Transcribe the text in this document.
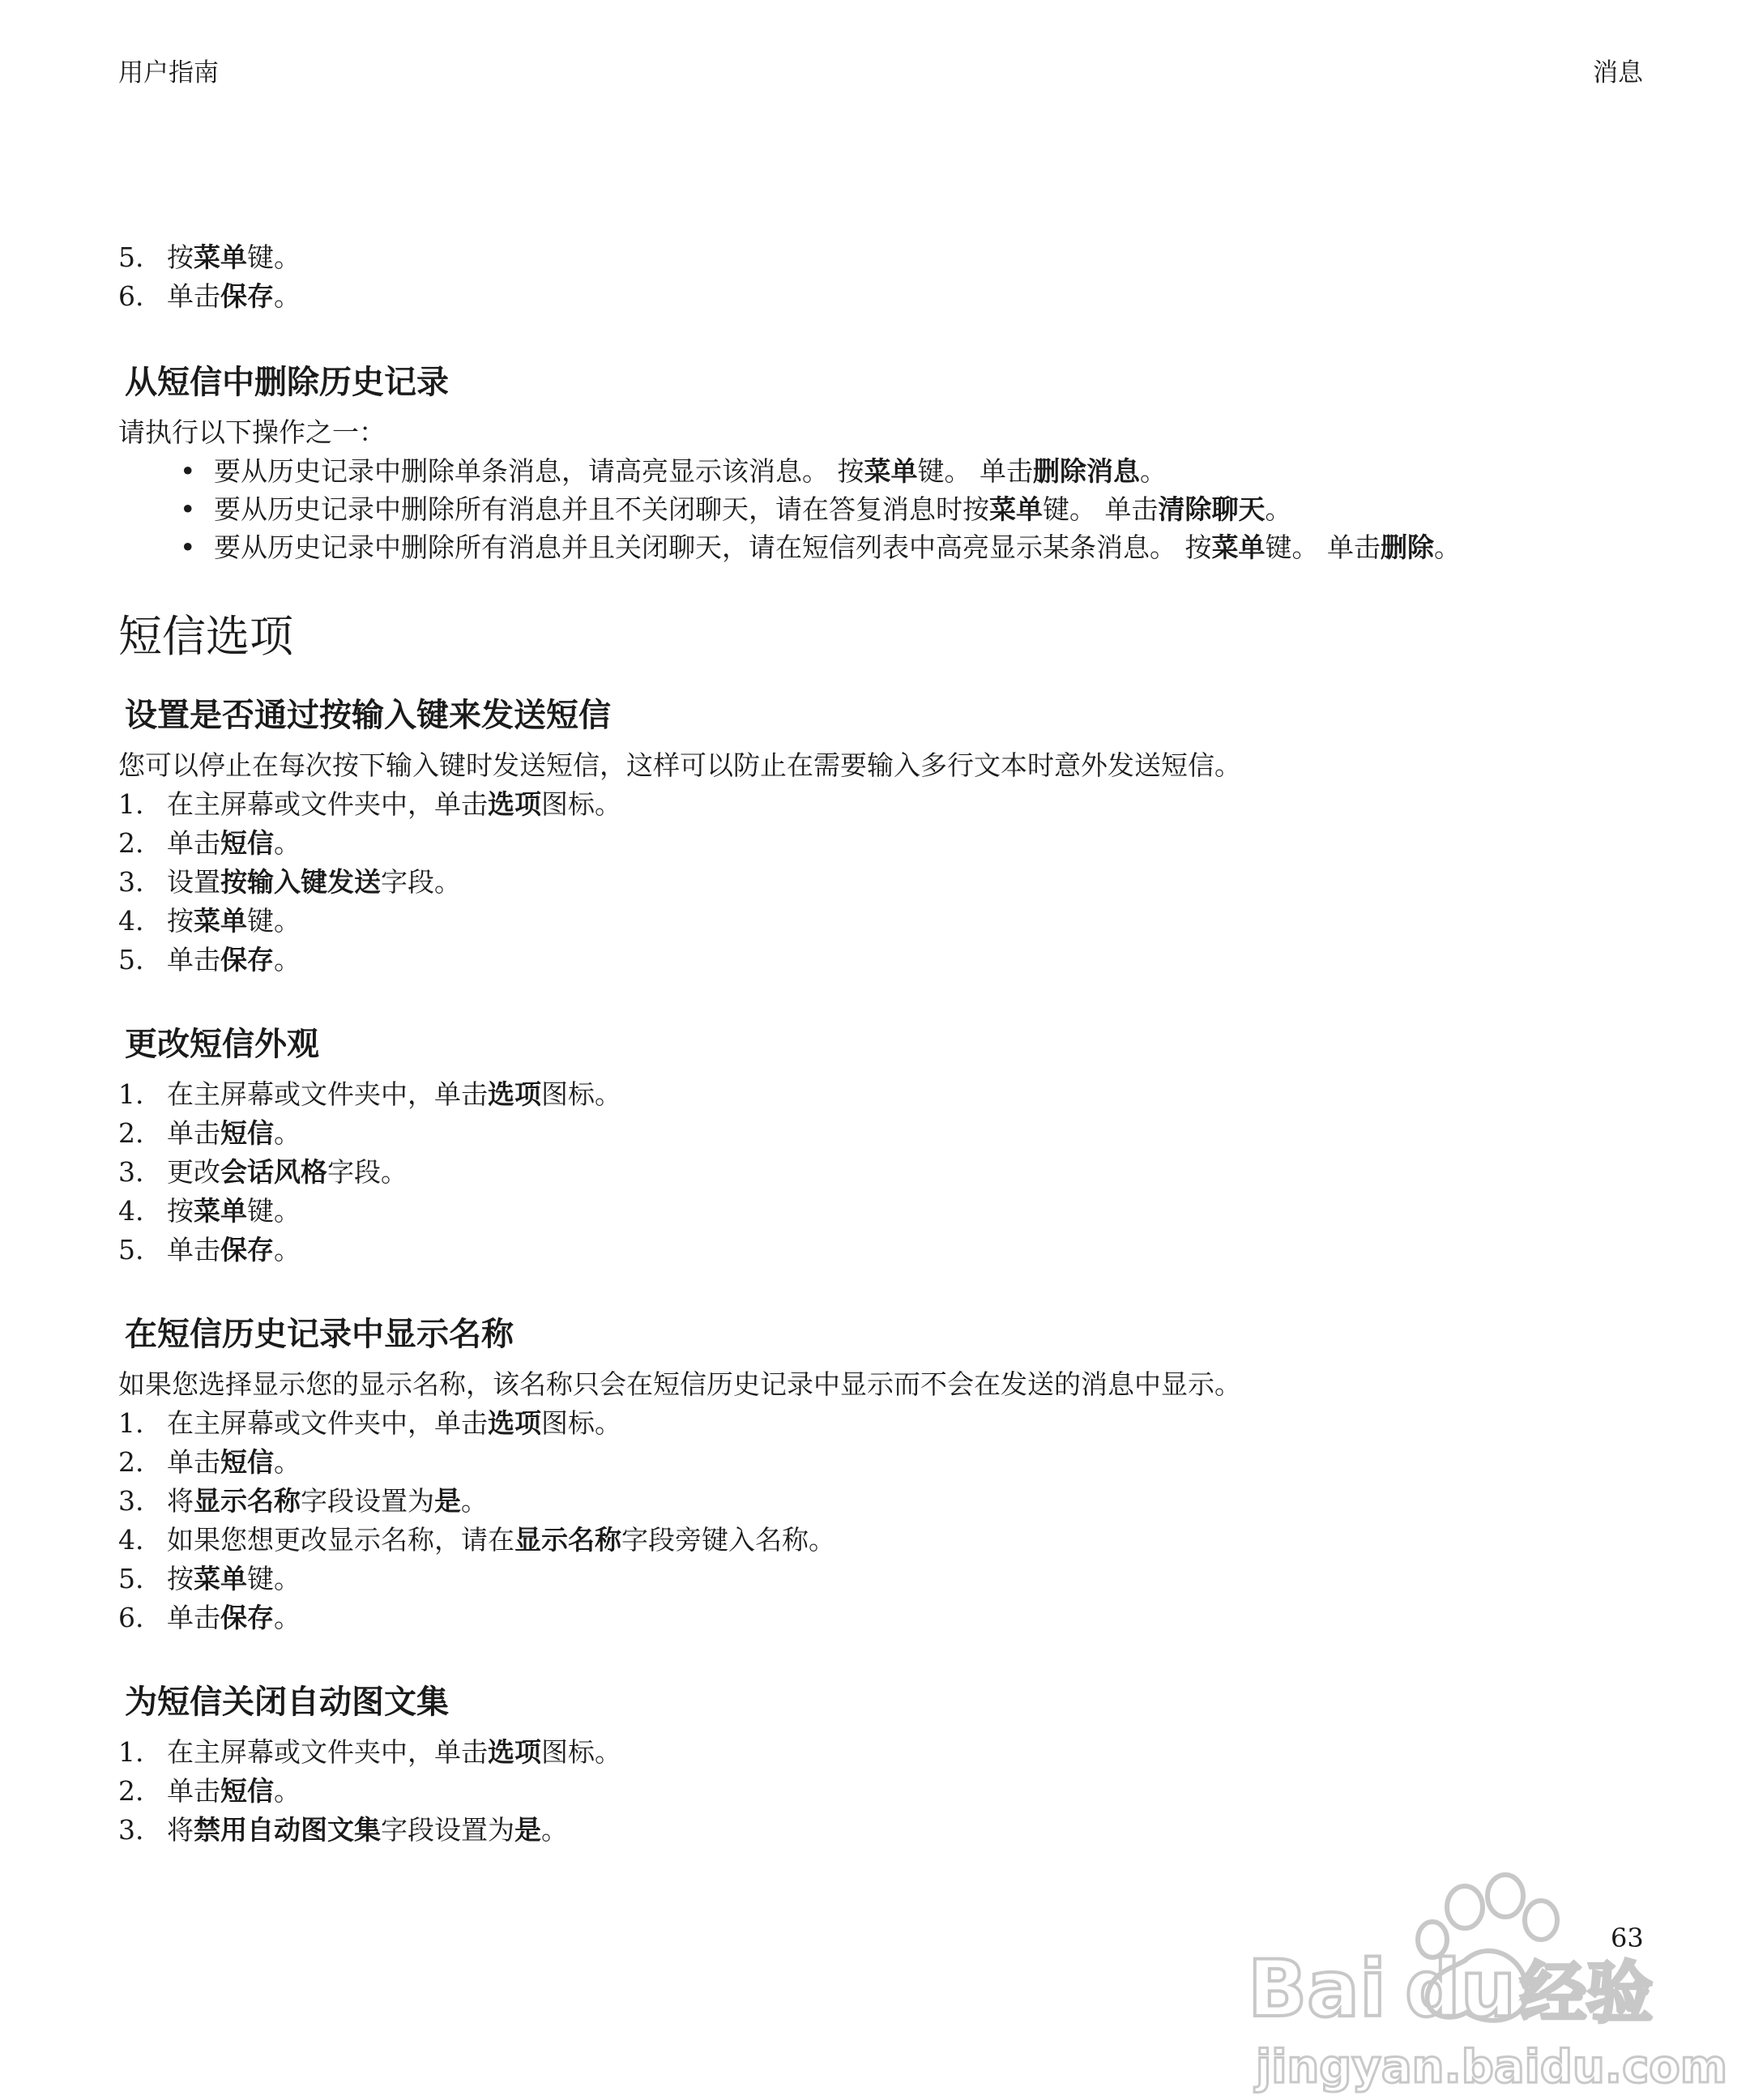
用户指南	消息
5. 按菜单键。
6. 单击保存。
从短信中删除历史记录
请执行以下操作之一：
• 要从历史记录中删除单条消息，请高亮显示该消息。 按菜单键。 单击删除消息。
• 要从历史记录中删除所有消息并且不关闭聊天，请在答复消息时按菜单键。 单击清除聊天。
• 要从历史记录中删除所有消息并且关闭聊天，请在短信列表中高亮显示某条消息。 按菜单键。 单击删除。
短信选项
设置是否通过按输入键来发送短信
您可以停止在每次按下输入键时发送短信，这样可以防止在需要输入多行文本时意外发送短信。
1. 在主屏幕或文件夹中，单击选项图标。
2. 单击短信。
3. 设置按输入键发送字段。
4. 按菜单键。
5. 单击保存。
更改短信外观
1. 在主屏幕或文件夹中，单击选项图标。
2. 单击短信。
3. 更改会话风格字段。
4. 按菜单键。
5. 单击保存。
在短信历史记录中显示名称
如果您选择显示您的显示名称，该名称只会在短信历史记录中显示而不会在发送的消息中显示。
1. 在主屏幕或文件夹中，单击选项图标。
2. 单击短信。
3. 将显示名称字段设置为是。
4. 如果您想更改显示名称，请在显示名称字段旁键入名称。
5. 按菜单键。
6. 单击保存。
为短信关闭自动图文集
1. 在主屏幕或文件夹中，单击选项图标。
2. 单击短信。
3. 将禁用自动图文集字段设置为是。
Bai du 经验
jingyan.baidu.com
63
